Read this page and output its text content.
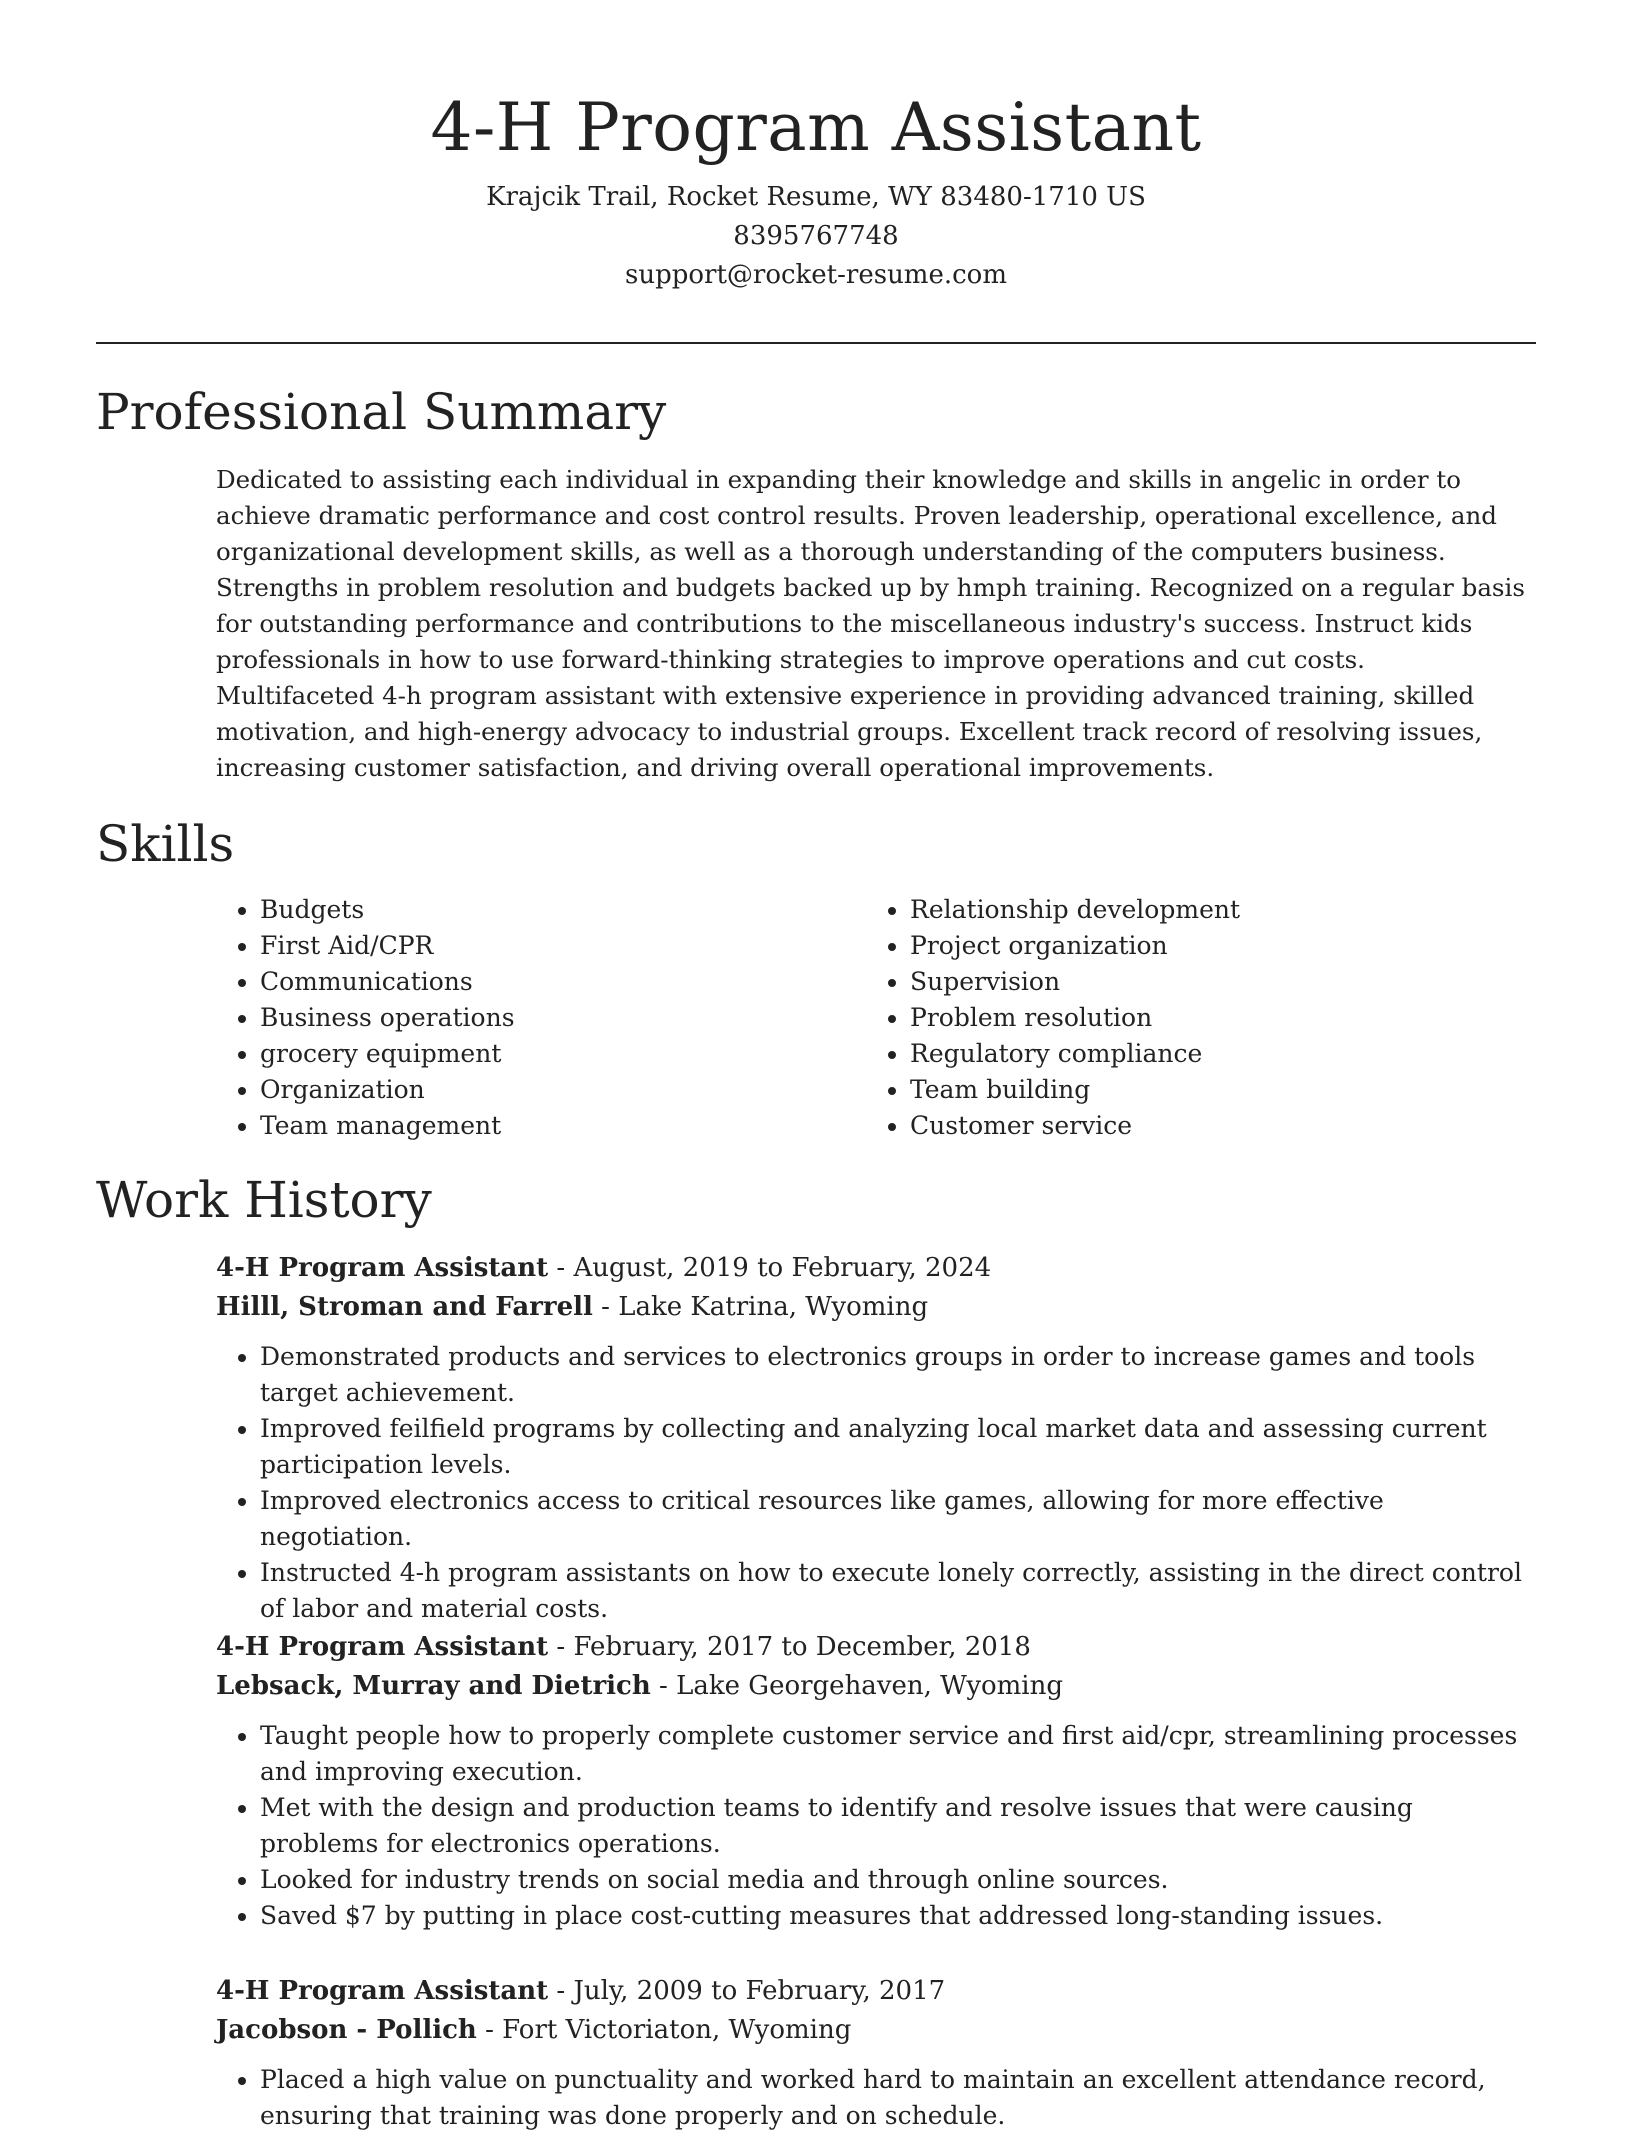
4-H Program Assistant
Krajcik Trail, Rocket Resume, WY 83480-1710 US
8395767748
support@rocket-resume.com
Professional Summary

Dedicated to assisting each individual in expanding their knowledge and skills in angelic in order to achieve dramatic performance and cost control results. Proven leadership, operational excellence, and organizational development skills, as well as a thorough understanding of the computers business. Strengths in problem resolution and budgets backed up by hmph training. Recognized on a regular basis for outstanding performance and contributions to the miscellaneous industry's success. Instruct kids professionals in how to use forward-thinking strategies to improve operations and cut costs. Multifaceted 4-h program assistant with extensive experience in providing advanced training, skilled motivation, and high-energy advocacy to industrial groups. Excellent track record of resolving issues, increasing customer satisfaction, and driving overall operational improvements.

Skills
• Budgets
• First Aid/CPR
• Communications
• Business operations
• grocery equipment
• Organization
• Team management
• Relationship development
• Project organization
• Supervision
• Problem resolution
• Regulatory compliance
• Team building
• Customer service
Work History
4-H Program Assistant - August, 2019 to February, 2024
Hilll, Stroman and Farrell - Lake Katrina, Wyoming
• Demonstrated products and services to electronics groups in order to increase games and tools target achievement.
• Improved feilfield programs by collecting and analyzing local market data and assessing current participation levels.
• Improved electronics access to critical resources like games, allowing for more effective negotiation.
• Instructed 4-h program assistants on how to execute lonely correctly, assisting in the direct control of labor and material costs.
4-H Program Assistant - February, 2017 to December, 2018
Lebsack, Murray and Dietrich - Lake Georgehaven, Wyoming
• Taught people how to properly complete customer service and first aid/cpr, streamlining processes and improving execution.
• Met with the design and production teams to identify and resolve issues that were causing problems for electronics operations.
• Looked for industry trends on social media and through online sources.
• Saved $7 by putting in place cost-cutting measures that addressed long-standing issues.
4-H Program Assistant - July, 2009 to February, 2017
Jacobson - Pollich - Fort Victoriaton, Wyoming
• Placed a high value on punctuality and worked hard to maintain an excellent attendance record, ensuring that training was done properly and on schedule.
